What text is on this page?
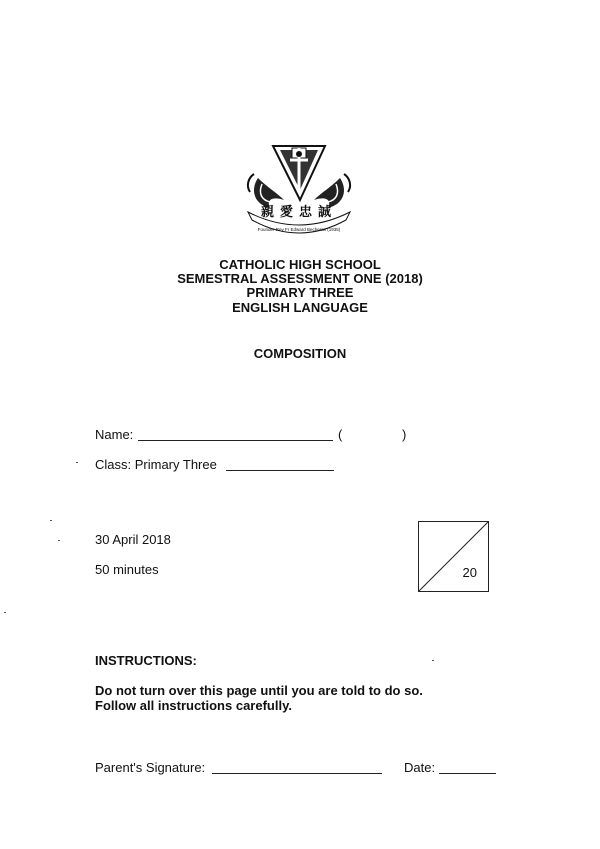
親愛忠誠
Founder Rev Fr Edward Becheras (1935)
CATHOLIC HIGH SCHOOL
SEMESTRAL ASSESSMENT ONE (2018)
PRIMARY THREE
ENGLISH LANGUAGE
COMPOSITION
Name:	(	)
Class: Primary Three
30 April 2018
50 minutes	20
INSTRUCTIONS:
Do not turn over this page until you are told to do so.
Follow all instructions carefully.
Parent's Signature:	Date:
